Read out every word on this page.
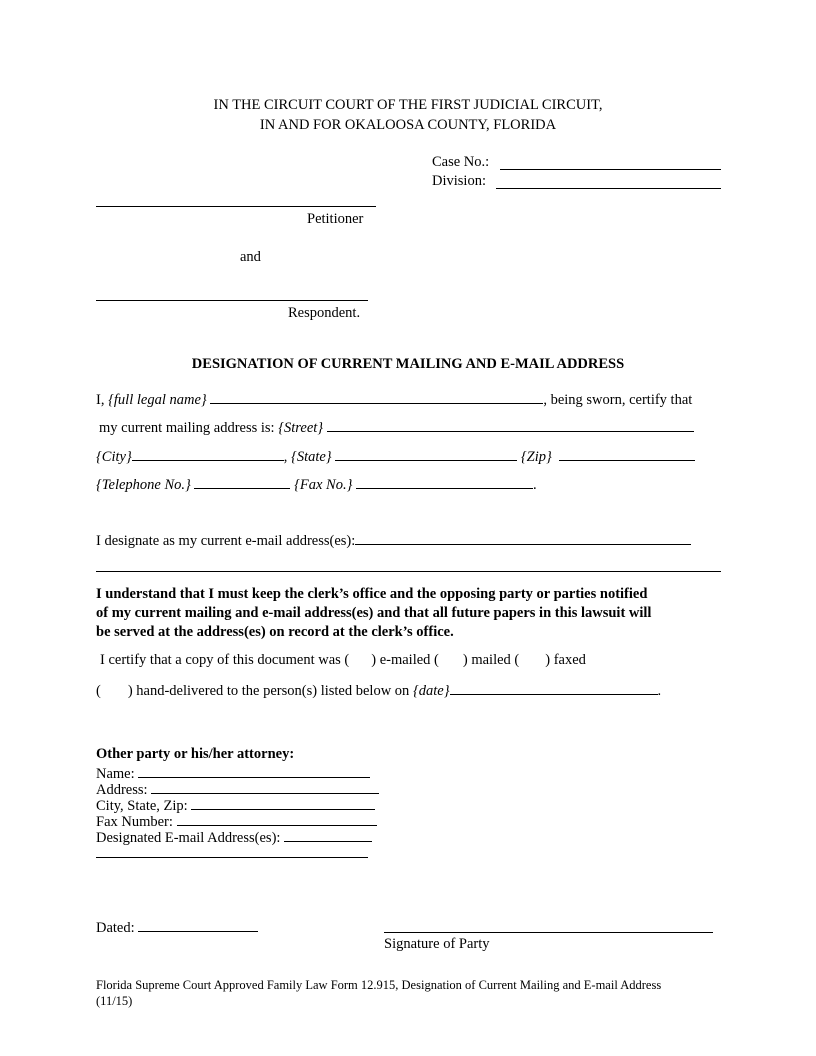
IN THE CIRCUIT COURT OF THE FIRST JUDICIAL CIRCUIT,
IN AND FOR OKALOOSA COUNTY, FLORIDA
Case No.:
Division:
Petitioner
and
Respondent.
DESIGNATION OF CURRENT MAILING AND E-MAIL ADDRESS
I, {full legal name}	, being sworn, certify that
my current mailing address is: {Street}
{City}	, {State}	{Zip}
{Telephone No.}	{Fax No.}	.
I designate as my current e-mail address(es):
I understand that I must keep the clerk’s office and the opposing party or parties notified
of my current mailing and e-mail address(es) and that all future papers in this lawsuit will
be served at the address(es) on record at the clerk’s office.
I certify that a copy of this document was ( ) e-mailed ( ) mailed ( ) faxed
( ) hand-delivered to the person(s) listed below on {date}	.
Other party or his/her attorney:
Name:
Address:
City, State, Zip:
Fax Number:
Designated E-mail Address(es):
Dated:
Signature of Party
Florida Supreme Court Approved Family Law Form 12.915, Designation of Current Mailing and E-mail Address
(11/15)
